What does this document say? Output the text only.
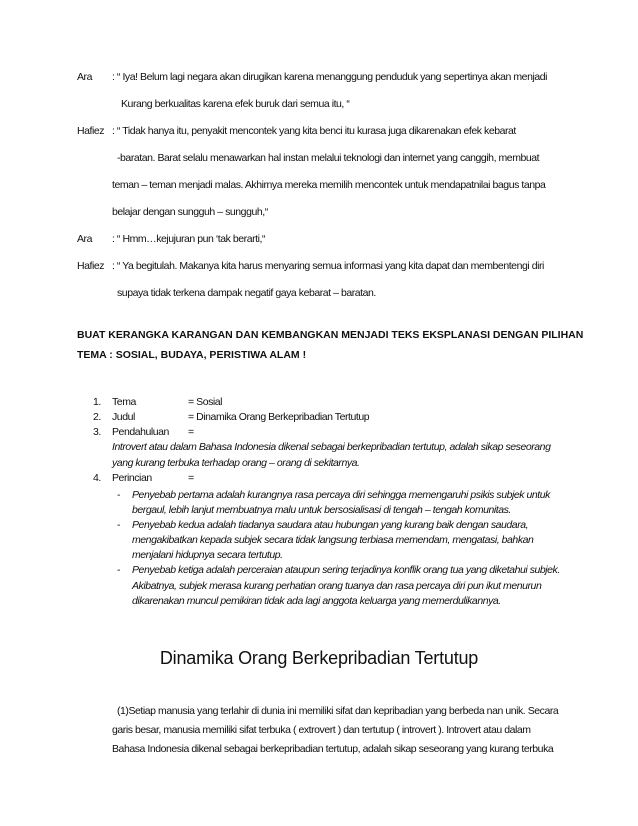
Ara : “ Iya! Belum lagi negara akan dirugikan karena menanggung penduduk yang sepertinya akan menjadi
Kurang berkualitas karena efek buruk dari semua itu, “
Hafiez : “ Tidak hanya itu, penyakit mencontek yang kita benci itu kurasa juga dikarenakan efek kebarat
-baratan. Barat selalu menawarkan hal instan melalui teknologi dan internet yang canggih, membuat
teman – teman menjadi malas. Akhirnya mereka memilih mencontek untuk mendapatnilai bagus tanpa
belajar dengan sungguh – sungguh,“
Ara : “ Hmm…kejujuran pun ‘tak berarti,“
Hafiez : “ Ya begitulah. Makanya kita harus menyaring semua informasi yang kita dapat dan membentengi diri
supaya tidak terkena dampak negatif gaya kebarat – baratan.
BUAT KERANGKA KARANGAN DAN KEMBANGKAN MENJADI TEKS EKSPLANASI DENGAN PILIHAN
TEMA : SOSIAL, BUDAYA, PERISTIWA ALAM !
1. Tema	= Sosial
2. Judul	= Dinamika Orang Berkepribadian Tertutup
3. Pendahuluan =
Introvert atau dalam Bahasa Indonesia dikenal sebagai berkepribadian tertutup, adalah sikap seseorang
yang kurang terbuka terhadap orang – orang di sekitarnya.
4. Perincian	=
- Penyebab pertama adalah kurangnya rasa percaya diri sehingga memengaruhi psikis subjek untuk
bergaul, lebih lanjut membuatnya malu untuk bersosialisasi di tengah – tengah komunitas.
- Penyebab kedua adalah tiadanya saudara atau hubungan yang kurang baik dengan saudara,
mengakibatkan kepada subjek secara tidak langsung terbiasa memendam, mengatasi, bahkan
menjalani hidupnya secara tertutup.
- Penyebab ketiga adalah perceraian ataupun sering terjadinya konflik orang tua yang diketahui subjek.
Akibatnya, subjek merasa kurang perhatian orang tuanya dan rasa percaya diri pun ikut menurun
dikarenakan muncul pemikiran tidak ada lagi anggota keluarga yang memerdulikannya.
Dinamika Orang Berkepribadian Tertutup
(1)Setiap manusia yang terlahir di dunia ini memiliki sifat dan kepribadian yang berbeda nan unik. Secara
garis besar, manusia memiliki sifat terbuka ( extrovert ) dan tertutup ( introvert ). Introvert atau dalam
Bahasa Indonesia dikenal sebagai berkepribadian tertutup, adalah sikap seseorang yang kurang terbuka
